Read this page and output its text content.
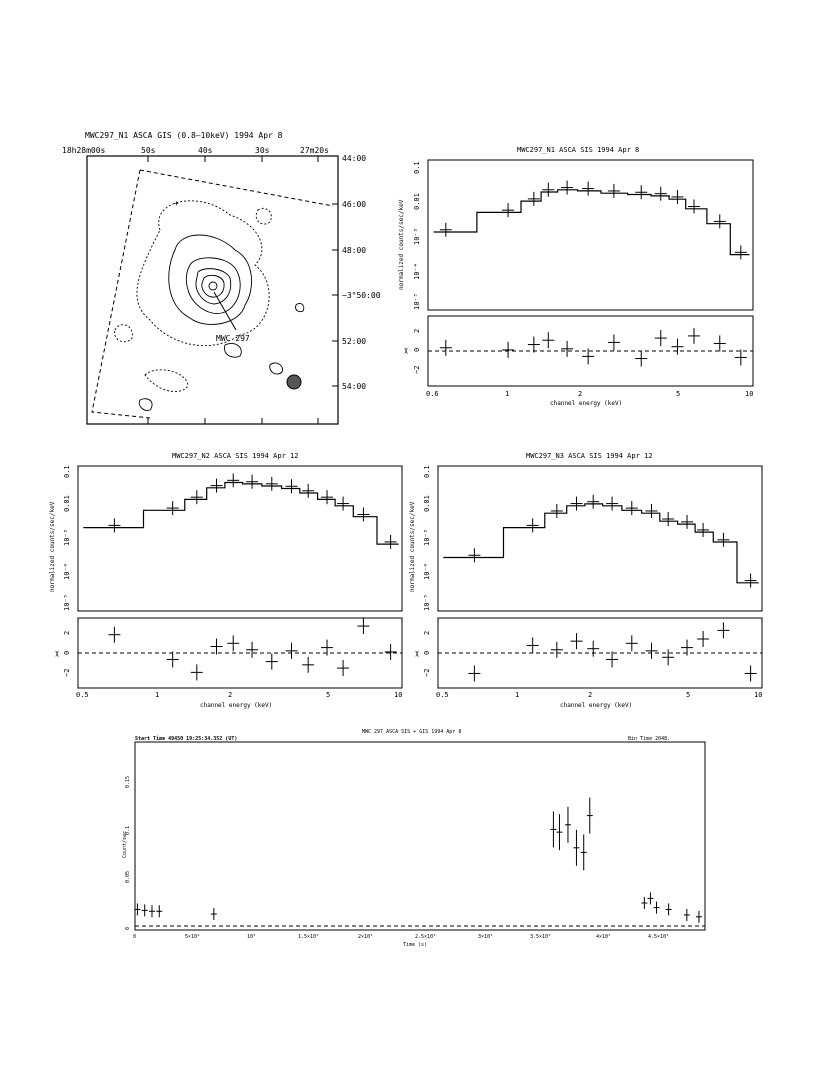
MWC297_N1 ASCA GIS (0.8–10keV) 1994 Apr 8
18h28m00s	50s	40s	30s	27m20s
44:00
46:00
48:00
−3°50:00
52:00
54:00
MWC 297
+
MWC297_N1 ASCA SIS 1994 Apr 8
normalized counts/sec/keV
0.1
0.01
10⁻³
10⁻⁴
10⁻⁵
χ
2
0
−2
0.6	1	2	5	10
channel energy (keV)
MWC297_N2 ASCA SIS 1994 Apr 12
normalized counts/sec/keV
0.1
0.01
10⁻³
10⁻⁴
10⁻⁵
χ
2
0
−2
0.5	1	2	5	10
channel energy (keV)
MWC297_N3 ASCA SIS 1994 Apr 12
normalized counts/sec/keV
0.1
0.01
10⁻³
10⁻⁴
10⁻⁵
χ
2
0
−2
0.5	1	2	5	10
channel energy (keV)
MWC 297 ASCA SIS + GIS 1994 Apr 8
Start Time 49450 19:25:34.352 (UT)	Bin Time 2048.
Count/sec
0
0.05
0.1
0.15
0	5×10⁴	10⁵	1.5×10⁵	2×10⁵	2.5×10⁵	3×10⁵	3.5×10⁵	4×10⁵	4.5×10⁵
Time (s)
